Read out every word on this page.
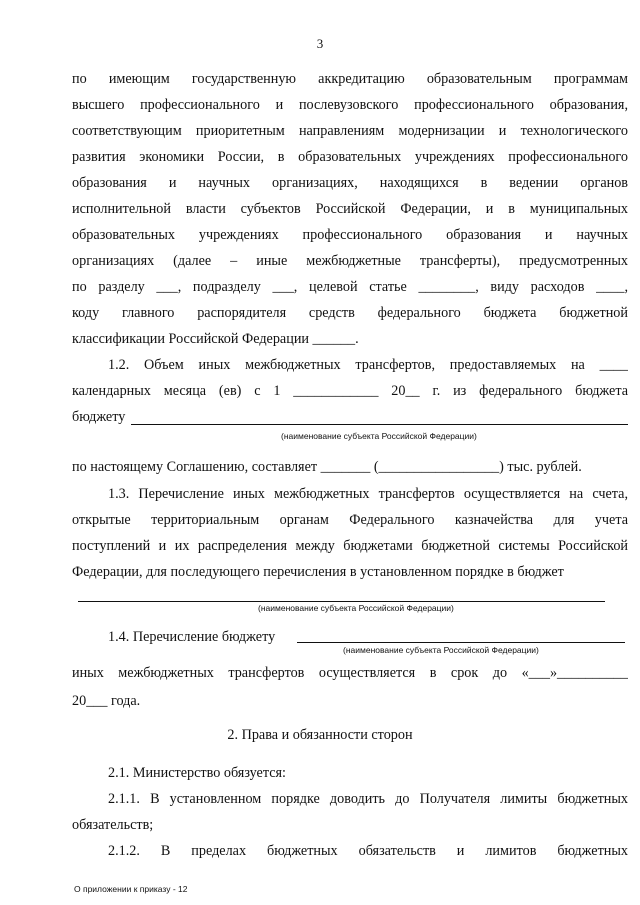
3
по имеющим государственную аккредитацию образовательным программам
высшего профессионального и послевузовского профессионального образования,
соответствующим приоритетным направлениям модернизации и технологического
развития экономики России, в образовательных учреждениях профессионального
образования и научных организациях, находящихся в ведении органов
исполнительной власти субъектов Российской Федерации, и в муниципальных
образовательных учреждениях профессионального образования и научных
организациях (далее – иные межбюджетные трансферты), предусмотренных
по разделу ___, подразделу ___, целевой статье ________, виду расходов ____,
коду главного распорядителя средств федерального бюджета бюджетной
классификации Российской Федерации ______.
1.2. Объем иных межбюджетных трансфертов, предоставляемых на ____
календарных месяца (ев) с 1 ____________ 20__ г. из федерального бюджета
бюджету
(наименование субъекта Российской Федерации)
по настоящему Соглашению, составляет _______ (_________________) тыс. рублей.
1.3. Перечисление иных межбюджетных трансфертов осуществляется на счета,
открытые территориальным органам Федерального казначейства для учета
поступлений и их распределения между бюджетами бюджетной системы Российской
Федерации, для последующего перечисления в установленном порядке в бюджет
(наименование субъекта Российской Федерации)
1.4. Перечисление бюджету
(наименование субъекта Российской Федерации)
иных межбюджетных трансфертов осуществляется в срок до «___»__________
20___ года.
2. Права и обязанности сторон
2.1. Министерство обязуется:
2.1.1. В установленном порядке доводить до Получателя лимиты бюджетных
обязательств;
2.1.2. В пределах бюджетных обязательств и лимитов бюджетных
О приложении к приказу - 12
